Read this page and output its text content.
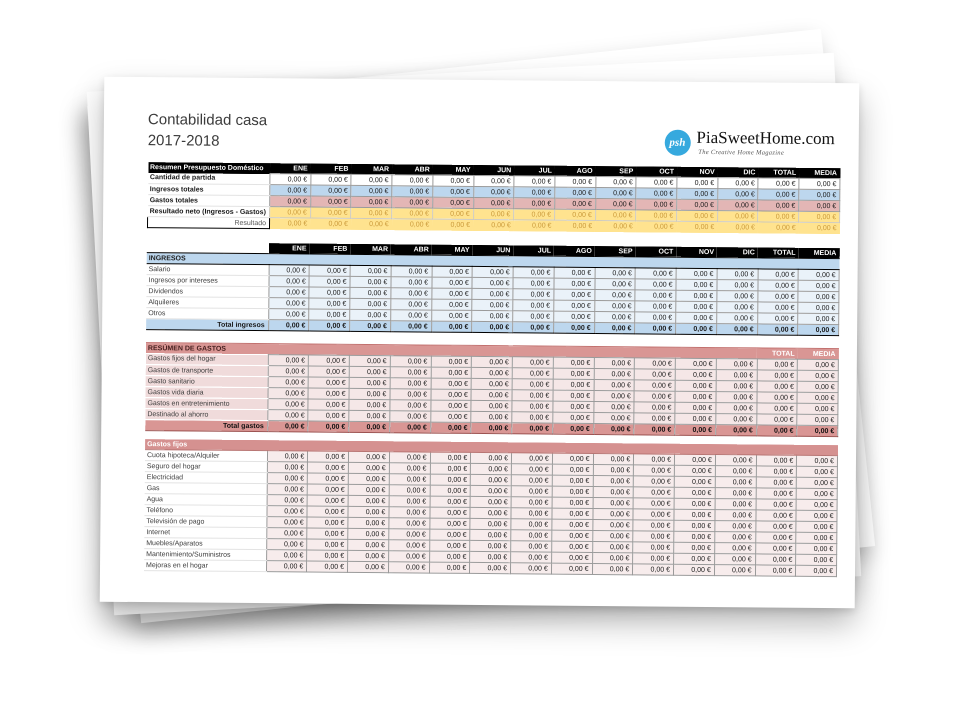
Contabilidad casa
2017-2018	psh PiaSweetHome.com
The Creative Home Magazine
Resumen Presupuesto Doméstico	ENE	FEB	MAR	ABR	MAY	JUN	JUL	AGO	SEP	OCT	NOV	DIC	TOTAL	MEDIA
Cantidad de partida	0,00 €	0,00 €	0,00 €	0,00 €	0,00 €	0,00 €	0,00 €	0,00 €	0,00 €	0,00 €	0,00 €	0,00 €	0,00 €	0,00 €
Ingresos totales	0,00 €	0,00 €	0,00 €	0,00 €	0,00 €	0,00 €	0,00 €	0,00 €	0,00 €	0,00 €	0,00 €	0,00 €	0,00 €	0,00 €
Gastos totales	0,00 €	0,00 €	0,00 €	0,00 €	0,00 €	0,00 €	0,00 €	0,00 €	0,00 €	0,00 €	0,00 €	0,00 €	0,00 €	0,00 €
Resultado neto (Ingresos - Gastos)	0,00 €	0,00 €	0,00 €	0,00 €	0,00 €	0,00 €	0,00 €	0,00 €	0,00 €	0,00 €	0,00 €	0,00 €	0,00 €	0,00 €
Resultado	0,00 €	0,00 €	0,00 €	0,00 €	0,00 €	0,00 €	0,00 €	0,00 €	0,00 €	0,00 €	0,00 €	0,00 €	0,00 €	0,00 €
	ENE	FEB	MAR	ABR	MAY	JUN	JUL	AGO	SEP	OCT	NOV	DIC	TOTAL	MEDIA
INGRESOS														
Salario	0,00 €	0,00 €	0,00 €	0,00 €	0,00 €	0,00 €	0,00 €	0,00 €	0,00 €	0,00 €	0,00 €	0,00 €	0,00 €	0,00 €
Ingresos por intereses	0,00 €	0,00 €	0,00 €	0,00 €	0,00 €	0,00 €	0,00 €	0,00 €	0,00 €	0,00 €	0,00 €	0,00 €	0,00 €	0,00 €
Dividendos	0,00 €	0,00 €	0,00 €	0,00 €	0,00 €	0,00 €	0,00 €	0,00 €	0,00 €	0,00 €	0,00 €	0,00 €	0,00 €	0,00 €
Alquileres	0,00 €	0,00 €	0,00 €	0,00 €	0,00 €	0,00 €	0,00 €	0,00 €	0,00 €	0,00 €	0,00 €	0,00 €	0,00 €	0,00 €
Otros	0,00 €	0,00 €	0,00 €	0,00 €	0,00 €	0,00 €	0,00 €	0,00 €	0,00 €	0,00 €	0,00 €	0,00 €	0,00 €	0,00 €
Total ingresos	0,00 €	0,00 €	0,00 €	0,00 €	0,00 €	0,00 €	0,00 €	0,00 €	0,00 €	0,00 €	0,00 €	0,00 €	0,00 €	0,00 €
RESÚMEN DE GASTOS													TOTAL	MEDIA
Gastos fijos del hogar	0,00 €	0,00 €	0,00 €	0,00 €	0,00 €	0,00 €	0,00 €	0,00 €	0,00 €	0,00 €	0,00 €	0,00 €	0,00 €	0,00 €
Gastos de transporte	0,00 €	0,00 €	0,00 €	0,00 €	0,00 €	0,00 €	0,00 €	0,00 €	0,00 €	0,00 €	0,00 €	0,00 €	0,00 €	0,00 €
Gasto sanitario	0,00 €	0,00 €	0,00 €	0,00 €	0,00 €	0,00 €	0,00 €	0,00 €	0,00 €	0,00 €	0,00 €	0,00 €	0,00 €	0,00 €
Gastos vida diaria	0,00 €	0,00 €	0,00 €	0,00 €	0,00 €	0,00 €	0,00 €	0,00 €	0,00 €	0,00 €	0,00 €	0,00 €	0,00 €	0,00 €
Gastos en entretenimiento	0,00 €	0,00 €	0,00 €	0,00 €	0,00 €	0,00 €	0,00 €	0,00 €	0,00 €	0,00 €	0,00 €	0,00 €	0,00 €	0,00 €
Destinado al ahorro	0,00 €	0,00 €	0,00 €	0,00 €	0,00 €	0,00 €	0,00 €	0,00 €	0,00 €	0,00 €	0,00 €	0,00 €	0,00 €	0,00 €
Total gastos	0,00 €	0,00 €	0,00 €	0,00 €	0,00 €	0,00 €	0,00 €	0,00 €	0,00 €	0,00 €	0,00 €	0,00 €	0,00 €	0,00 €
Gastos fijos														
Cuota hipoteca/Alquiler	0,00 €	0,00 €	0,00 €	0,00 €	0,00 €	0,00 €	0,00 €	0,00 €	0,00 €	0,00 €	0,00 €	0,00 €	0,00 €	0,00 €
Seguro del hogar	0,00 €	0,00 €	0,00 €	0,00 €	0,00 €	0,00 €	0,00 €	0,00 €	0,00 €	0,00 €	0,00 €	0,00 €	0,00 €	0,00 €
Electricidad	0,00 €	0,00 €	0,00 €	0,00 €	0,00 €	0,00 €	0,00 €	0,00 €	0,00 €	0,00 €	0,00 €	0,00 €	0,00 €	0,00 €
Gas	0,00 €	0,00 €	0,00 €	0,00 €	0,00 €	0,00 €	0,00 €	0,00 €	0,00 €	0,00 €	0,00 €	0,00 €	0,00 €	0,00 €
Agua	0,00 €	0,00 €	0,00 €	0,00 €	0,00 €	0,00 €	0,00 €	0,00 €	0,00 €	0,00 €	0,00 €	0,00 €	0,00 €	0,00 €
Teléfono	0,00 €	0,00 €	0,00 €	0,00 €	0,00 €	0,00 €	0,00 €	0,00 €	0,00 €	0,00 €	0,00 €	0,00 €	0,00 €	0,00 €
Televisión de pago	0,00 €	0,00 €	0,00 €	0,00 €	0,00 €	0,00 €	0,00 €	0,00 €	0,00 €	0,00 €	0,00 €	0,00 €	0,00 €	0,00 €
Internet	0,00 €	0,00 €	0,00 €	0,00 €	0,00 €	0,00 €	0,00 €	0,00 €	0,00 €	0,00 €	0,00 €	0,00 €	0,00 €	0,00 €
Muebles/Aparatos	0,00 €	0,00 €	0,00 €	0,00 €	0,00 €	0,00 €	0,00 €	0,00 €	0,00 €	0,00 €	0,00 €	0,00 €	0,00 €	0,00 €
Mantenimiento/Suministros	0,00 €	0,00 €	0,00 €	0,00 €	0,00 €	0,00 €	0,00 €	0,00 €	0,00 €	0,00 €	0,00 €	0,00 €	0,00 €	0,00 €
Mejoras en el hogar	0,00 €	0,00 €	0,00 €	0,00 €	0,00 €	0,00 €	0,00 €	0,00 €	0,00 €	0,00 €	0,00 €	0,00 €	0,00 €	0,00 €
